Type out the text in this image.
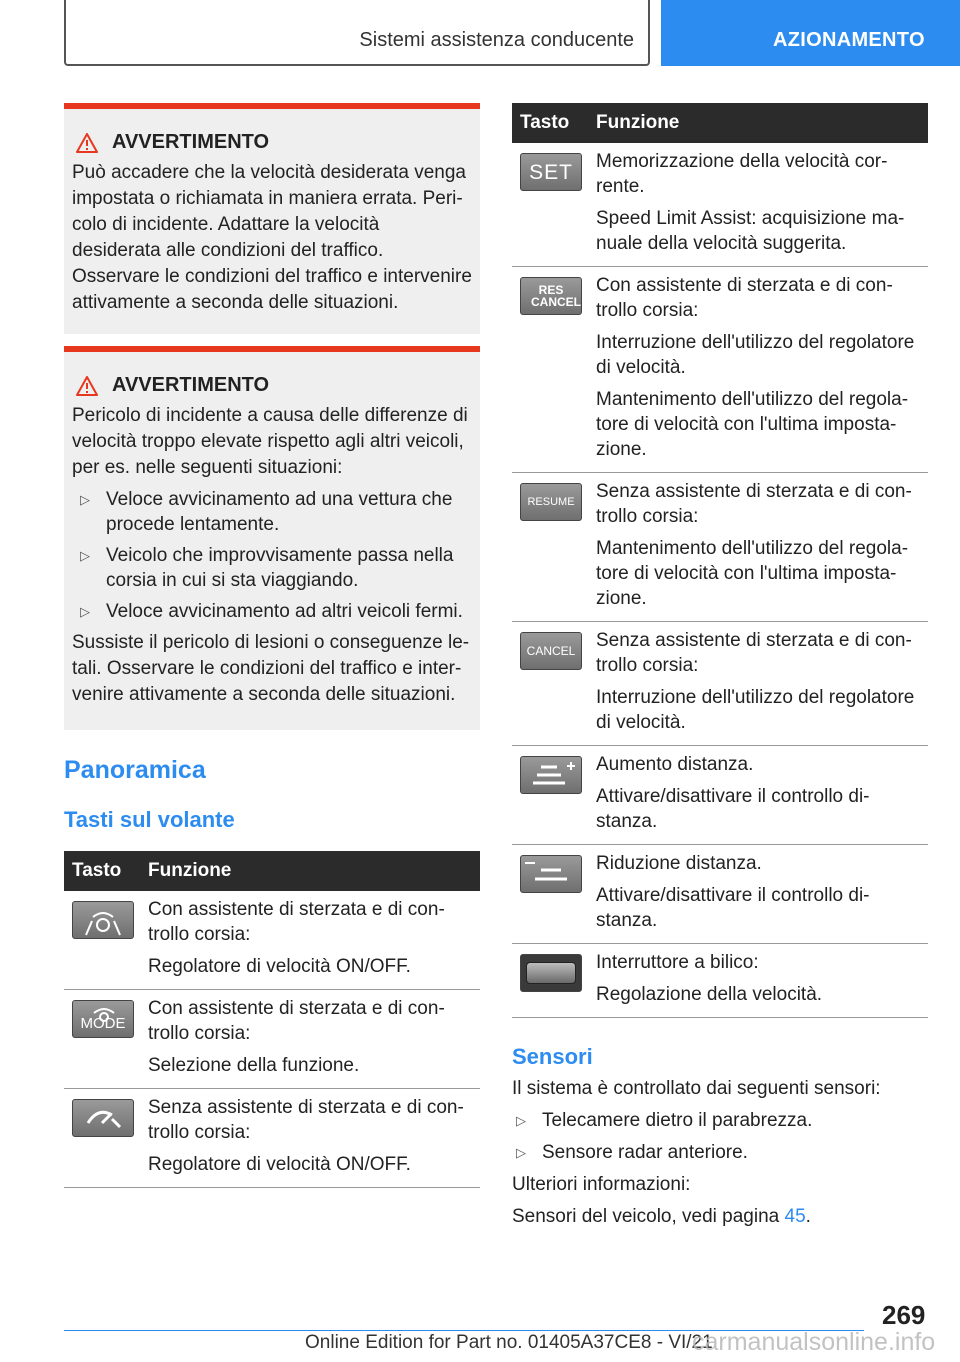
Sistemi assistenza conducente	AZIONAMENTO
AVVERTIMENTO

Può accadere che la velocità desiderata venga impostata o richiamata in maniera errata. Pericolo di incidente. Adattare la velocità desiderata alle condizioni del traffico. Osservare le condizioni del traffico e intervenire attivamente a seconda delle situazioni.

AVVERTIMENTO

Pericolo di incidente a causa delle differenze di velocità troppo elevate rispetto agli altri veicoli, per es. nelle seguenti situazioni:

▷ Veloce avvicinamento ad una vettura che procede lentamente.
▷ Veicolo che improvvisamente passa nella corsia in cui si sta viaggiando.
▷ Veloce avvicinamento ad altri veicoli fermi.

Sussiste il pericolo di lesioni o conseguenze letali. Osservare le condizioni del traffico e intervenire attivamente a seconda delle situazioni.

Panoramica
Tasti sul volante
Tasto	Funzione

Con assistente di sterzata e di controllo corsia:

Regolatore di velocità ON/OFF.

MODE	Con assistente di sterzata e di controllo corsia:

Selezione della funzione.

Senza assistente di sterzata e di controllo corsia:

Regolatore di velocità ON/OFF.

Tasto	Funzione

SET	Memorizzazione della velocità corrente.

Speed Limit Assist: acquisizione manuale della velocità suggerita.

RES CANCEL	Con assistente di sterzata e di controllo corsia:

Interruzione dell'utilizzo del regolatore di velocità.

Mantenimento dell'utilizzo del regolatore di velocità con l'ultima impostazione.

RESUME	Senza assistente di sterzata e di controllo corsia:

Mantenimento dell'utilizzo del regolatore di velocità con l'ultima impostazione.

CANCEL	Senza assistente di sterzata e di controllo corsia:

Interruzione dell'utilizzo del regolatore di velocità.

Aumento distanza.

Attivare/disattivare il controllo distanza.

Riduzione distanza.

Attivare/disattivare il controllo distanza.

	Interruttore a bilico:

Regolazione della velocità.

Sensori

Il sistema è controllato dai seguenti sensori:

▷ Telecamere dietro il parabrezza.
▷ Sensore radar anteriore.

Ulteriori informazioni:

Sensori del veicolo, vedi pagina 45.

269
Online Edition for Part no. 01405A37CE8 - VI/21
carmanualsonline.info
